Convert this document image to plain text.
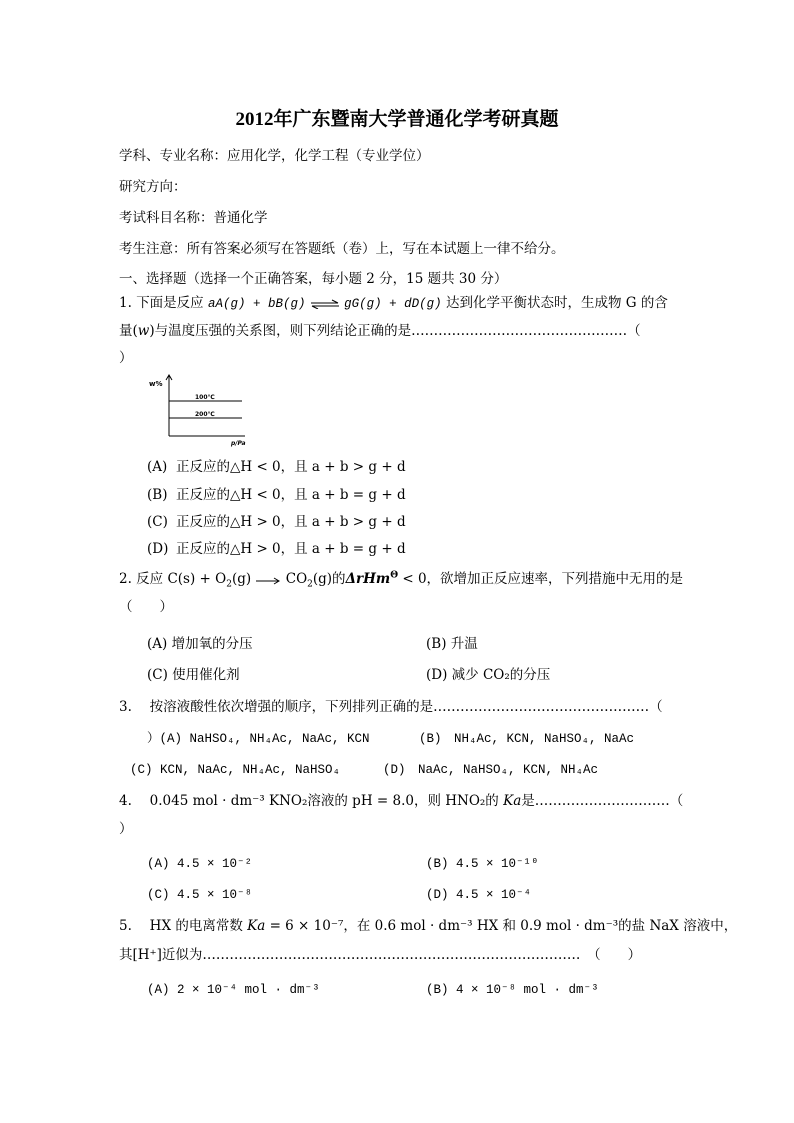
2012年广东暨南大学普通化学考研真题
学科、专业名称：应用化学，化学工程（专业学位）
研究方向：
考试科目名称：普通化学
考生注意：所有答案必须写在答题纸（卷）上，写在本试题上一律不给分。
一、选择题（选择一个正确答案，每小题 2 分，15 题共 30 分）
1. 下面是反应 aA(g) + bB(g) ⇌ gG(g) + dD(g) 达到化学平衡状态时，生成物 G 的含
量(w)与温度压强的关系图，则下列结论正确的是…………………………………………（
）
w%
100℃
200℃
p/Pa
(A) 正反应的△H < 0，且 a + b > g + d
(B) 正反应的△H < 0，且 a + b = g + d
(C) 正反应的△H > 0，且 a + b > g + d
(D) 正反应的△H > 0，且 a + b = g + d
2. 反应 $C(s) + O_2(g) \to CO_2(g)$的ΔrHm$^\Theta$ < 0，欲增加正反应速率，下列措施中无用的是
（　　）
(A) 增加氧的分压	(B) 升温
(C) 使用催化剂	(D) 减少 CO₂的分压
3.　 按溶液酸性依次增强的顺序，下列排列正确的是…………………………………………（
）(A) NaHSO₄, NH₄Ac, NaAc, KCN	(B)　NH₄Ac, KCN, NaHSO₄, NaAc
(C) KCN, NaAc, NH₄Ac, NaHSO₄	(D)　NaAc, NaHSO₄, KCN, NH₄Ac
4.　 0.045 mol · dm⁻³ KNO₂溶液的 pH = 8.0，则 HNO₂的 Ka是…………………………（
）
(A) 4.5 × 10⁻²	(B) 4.5 × 10⁻¹⁰
(C) 4.5 × 10⁻⁸	(D) 4.5 × 10⁻⁴
5.　 HX 的电离常数 Ka = 6 × 10⁻⁷，在 0.6 mol · dm⁻³ HX 和 0.9 mol · dm⁻³的盐 NaX 溶液中，
其[H⁺]近似为…………………………………………………………………………　（　　）
(A) 2 × 10⁻⁴ mol · dm⁻³	(B) 4 × 10⁻⁸ mol · dm⁻³
